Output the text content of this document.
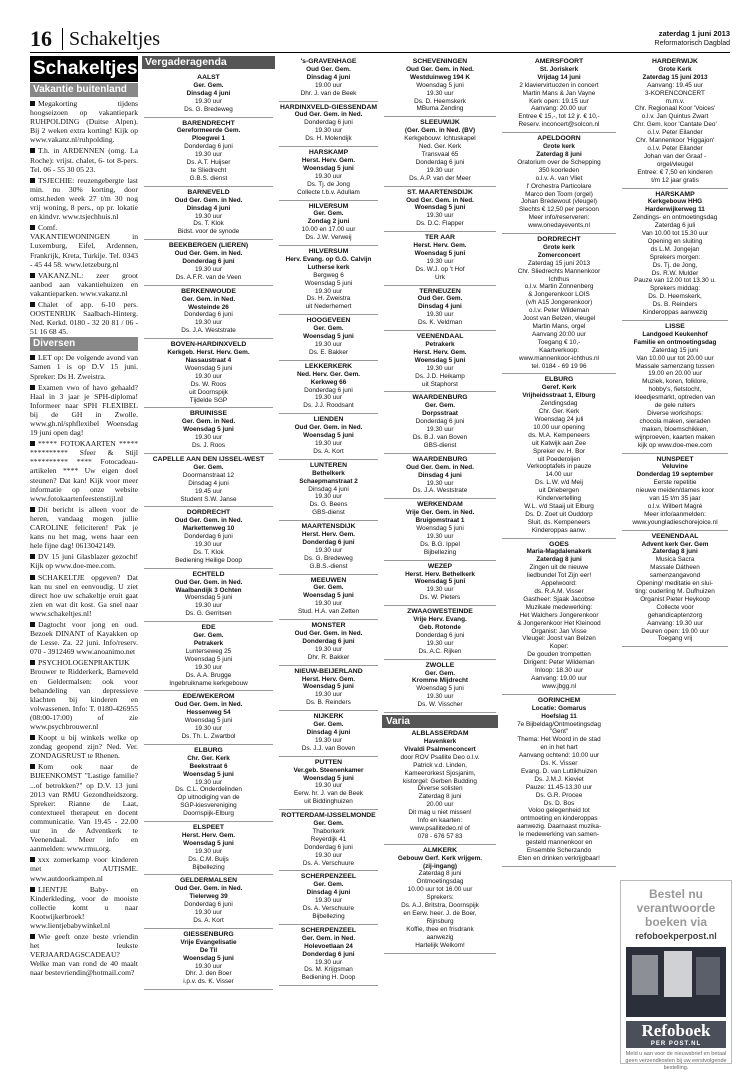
16 Schakeltjes	zaterdag 1 juni 2013
Reformatorisch Dagblad
Schakeltjes
Vakantie buitenland

Megakorting tijdens hoogseizoen op vakantiepark RUHPOLDING (Duitse Alpen). Bij 2 weken extra korting! Kijk op www.vakanz.nl/ruhpolding.

T.h. in ARDENNEN (omg. La Roche): vrijst. chalet, 6- tot 8-pers. Tel. 06 - 55 30 05 23.

TSJECHIE: reuzengebergte last min. nu 30% korting, door omst.heden week 27 t/m 30 nog vrij woning, 8 pers., op pr. lokatie en kindvr. www.tsjechhuis.nl

Comf. VAKANTIEWONINGEN in Luxemburg, Eifel, Ardennen, Frankrijk, Kreta, Turkije. Tel. 0343 - 45 44 58. www.letzeburg.nl

VAKANZ.NL: zeer groot aanbod aan vakantiehuizen en vakantieparken. www.vakanz.nl

Chalet of app. 6-10 pers. OOSTENRIJK Saalbach-Hinterg. Ned. Kerkd. 0180 - 32 20 81 / 06 - 51 16 68 45.

Diversen

LET op: De volgende avond van Samen 1 is op D.V 15 juni. Spreker: Ds H. Zweistra.

Examen vwo of havo gehaald? Haal in 3 jaar je SPH-diploma! Informeer naar SPH FLEXIBEL bij de GH in Zwolle. www.gh.nl/sphflexibel Woensdag 19 juni open dag!

***** FOTOKAARTEN ***** ********** Sfeer & Stijl ********** **** Fotocadeau-artikelen **** Uw eigen doel steunen? Dat kan! Kijk voor meer informatie op onze website www.fotokaartenfeestenstijl.nl

Dit bericht is alleen voor de heren, vandaag mogen jullie CAROLINE feliciteren! Pak je kans nu het mag, wens haar een hele fijne dag! 0613042149.

DV 15 juni Glasblazer gezocht! Kijk op www.doe-mee.com.

SCHAKELTJE opgeven? Dat kan nu snel en eenvoudig. U ziet direct hoe uw schakeltje eruit gaat zien en wat dit kost. Ga snel naar www.schakeltjes.nl!

Dagtocht voor jong en oud. Bezoek DINANT of Kayakken op de Lesse. Za. 22 juni. Info/reserv. 070 - 3912469 www.anoanimo.net

PSYCHOLOGENPRAKTIJK Brouwer te Ridderkerk, Barneveld en Geldermalsen: ook voor behandeling van depressieve klachten bij kinderen en volwassenen. Info: T. 0180-426955 (08:00-17:00) of zie www.psychbrouwer.nl

Koopt u bij winkels welke op zondag geopend zijn? Ned. Ver. ZONDAGSRUST te Rhenen.

Kom ook naar de BIJEENKOMST "Lastige familie? ...of betrokken?" op D.V. 13 juni 2013 van RMU Gezondheidszorg. Spreker: Rianne de Laat, contextueel therapeut en docent communicatie. Van 19.45 - 22.00 uur in de Adventkerk te Veenendaal. Meer info en aanmelden: www.rmu.org.

xxx zomerkamp voor kinderen met AUTISME. www.autdoorkampen.nl

LIENTJE Baby- en Kinderkleding, voor de mooiste collectie komt u naar Kootwijkerbroek! www.lientjebabywinkel.nl

Wie geeft onze beste vriendin het leukste VERJAARDAGSCADEAU? Welke man van rond de 40 maalt naar bestevriendin@hotmail.com?

Vergaderagenda
AALST
Ger. Gem.
Dinsdag 4 juni
19.30 uur
Ds. G. Bredeweg
BARENDRECHT
Gereformeerde Gem.
Ploegwei 1
Donderdag 6 juni
19.30 uur
Ds. A.T. Huijser
te Sliedrecht
G.B.S. dienst
BARNEVELD
Oud Ger. Gem. in Ned.
Dinsdag 4 juni
19.30 uur
Ds. T. Klok
Bidst. voor de synode
BEEKBERGEN (LIEREN)
Oud Ger. Gem. in Ned.
Donderdag 6 juni
19.30 uur
Ds. A.F.R. van de Veen
BERKENWOUDE
Ger. Gem. in Ned.
Westeinde 26
Donderdag 6 juni
19.30 uur
Ds. J.A. Weststrate
BOVEN-HARDINXVELD
Kerkgeb. Herst. Herv. Gem.
Nassaustraat 4
Woensdag 5 juni
19.30 uur
Ds. W. Roos
uit Doornspijk
Tijdelde SGP
BRUINISSE
Ger. Gem. in Ned.
Woensdag 5 juni
19.30 uur
Ds. J. Roos
CAPELLE AAN DEN IJSSEL-WEST
Ger. Gem.
Doormanstraat 12
Dinsdag 4 juni
19.45 uur
Student S.W. Janse
DORDRECHT
Oud Ger. Gem. in Ned.
Markettenweg 10
Donderdag 6 juni
19.30 uur
Ds. T. Klok
Bediening Heilige Doop
ECHTELD
Oud Ger. Gem. in Ned.
Waalbandijk 3 Ochten
Woensdag 5 juni
19.30 uur
Ds. G. Gerritsen
EDE
Ger. Gem.
Petrakerk
Lunterseweg 25
Woensdag 5 juni
19.30 uur
Ds. A.A. Brugge
Ingebruikname kerkgebouw
EDE/WEKEROM
Oud Ger. Gem. in Ned.
Hessenweg 54
Woensdag 5 juni
19.30 uur
Ds. Th. L. Zwartbol
ELBURG
Chr. Ger. Kerk
Beekstraat 6
Woensdag 5 juni
19.30 uur
Ds. C.L. Onderdelinden
Op uitnodiging van de
SGP-kiesvereniging
Doornspijk-Elburg
ELSPEET
Herst. Herv. Gem.
Woensdag 5 juni
19.30 uur
Ds. C.M. Buijs
Bijbellezing
GELDERMALSEN
Oud Ger. Gem. in Ned.
Tielerweg 39
Donderdag 6 juni
19.30 uur
Ds. A. Kort
GIESSENBURG
Vrije Evangelisatie
De Til
Woensdag 5 juni
19.30 uur
Dhr. J. den Boer
i.p.v. ds. K. Visser
's-GRAVENHAGE
Oud Ger. Gem.
Dinsdag 4 juni
19.00 uur
Dhr. J. van de Beek
HARDINXVELD-GIESSENDAM
Oud Ger. Gem. in Ned.
Donderdag 6 juni
19.30 uur
Ds. H. Molendijk
HARSKAMP
Herst. Herv. Gem.
Woensdag 5 juni
19.30 uur
Ds. Tj. de Jong
Collecte t.b.v. Adullam
HILVERSUM
Ger. Gem.
Zondag 2 juni
10.00 en 17.00 uur
Ds. J.W. Verweij
HILVERSUM
Herv. Evang. op G.G. Calvijn
Lutherse kerk
Bergweg 6
Woensdag 5 juni
19.30 uur
Ds. H. Zweistra
uit Nederhemert
HOOGEVEEN
Ger. Gem.
Woensdag 5 juni
19.30 uur
Ds. E. Bakker
LEKKERKERK
Ned. Herv. Ger. Gem.
Kerkweg 66
Donderdag 6 juni
19.30 uur
Ds. J.J. Roodsant
LIENDEN
Oud Ger. Gem. in Ned.
Woensdag 5 juni
19.30 uur
Ds. A. Kort
LUNTEREN
Bethelkerk
Schaepmanstraat 2
Dinsdag 4 juni
19.30 uur
Ds. G. Beens
GBS-dienst
MAARTENSDIJK
Herst. Herv. Gem.
Donderdag 6 juni
19.30 uur
Ds. G. Bredeweg
G.B.S.-dienst
MEEUWEN
Ger. Gem.
Woensdag 5 juni
19.30 uur
Stud. H.A. van Zetten
MONSTER
Oud Ger. Gem. in Ned.
Donderdag 6 juni
19.30 uur
Dhr. R. Bakker
NIEUW-BEIJERLAND
Herst. Herv. Gem.
Woensdag 5 juni
19.30 uur
Ds. B. Reinders
NIJKERK
Ger. Gem.
Dinsdag 4 juni
19.30 uur
Ds. J.J. van Boven
PUTTEN
Ver.geb. Steenenkamer
Woensdag 5 juni
19.30 uur
Eerw. hr. J. van de Beek
uit Biddinghuizen
ROTTERDAM-IJSSELMONDE
Ger. Gem.
Thaborkerk
Reyerdijk 41
Donderdag 6 juni
19.30 uur
Ds. A. Verschuure
SCHERPENZEEL
Ger. Gem.
Dinsdag 4 juni
19.30 uur
Ds. A. Verschuure
Bijbellezing
SCHERPENZEEL
Ger. Gem. in Ned.
Holevoetlaan 24
Donderdag 6 juni
19.30 uur
Ds. M. Krijgsman
Bediening H. Doop
SCHEVENINGEN
Oud Ger. Gem. in Ned.
Westduinweg 194 K
Woensdag 5 juni
19.30 uur
Ds. D. Heemskerk
MBuma Zending
SLEEUWIJK
(Ger. Gem. in Ned. (BV)
Kerkgebouw: Ichtuskapel
Ned. Ger. Kerk
Transvaal 65
Donderdag 6 juni
19.30 uur
Ds. A.P. van der Meer
ST. MAARTENSDIJK
Oud Ger. Gem. in Ned.
Woensdag 5 juni
19.30 uur
Ds. D.C. Flapper
TER AAR
Herst. Herv. Gem.
Woensdag 5 juni
19.30 uur
Ds. W.J. op 't Hof
Urk
TERNEUZEN
Oud Ger. Gem.
Dinsdag 4 juni
19.30 uur
Ds. K. Veldman
VEENENDAAL
Petrakerk
Herst. Herv. Gem.
Woensdag 5 juni
19.30 uur
Ds. J.D. Heikamp
uit Staphorst
WAARDENBURG
Ger. Gem.
Dorpsstraat
Donderdag 6 juni
19.30 uur
Ds. B.J. van Boven
GBS-dienst
WAARDENBURG
Oud Ger. Gem. in Ned.
Dinsdag 4 juni
19.30 uur
Ds. J.A. Weststrate
WERKENDAM
Vrije Ger. Gem. in Ned.
Bruigomstraat 1
Woensdag 5 juni
19.30 uur
Ds. B.G. Ippel
Bijbellezing
WEZEP
Herst. Herv. Bethelkerk
Woensdag 5 juni
19.30 uur
Ds. W. Pieters
ZWAAGWESTEINDE
Vrije Herv. Evang.
Geb. Rotonde
Donderdag 6 juni
19.30 uur
Ds. A.C. Rijken
ZWOLLE
Ger. Gem.
Kromme Mijdrecht
Woensdag 5 juni
19.30 uur
Ds. W. Visscher
Varia
ALBLASSERDAM
Havenkerk
Vivaldi Psalmenconcert
door ROV Psallite Deo o.l.v.
Patrick v.d. Linden,
Kameerorkest Sjosjanim,
kistorgel: Gerben Budding
Diverse solisten
Zaterdag 8 juni
20.00 uur
Dit mag u niet missen!
Info en kaarten:
www.psallitedeo.nl of
078 - 676 57 83
ALMKERK
Gebouw Gerf. Kerk vrijgem.
(zij-ingang)
Zaterdag 8 juni
Ontmoetingsdag
10.00 uur tot 16.00 uur
Sprekers:
Ds. A.J. Britstra, Doornspijk
en Eerw. heer. J. de Boer,
Rijnsburg
Koffie, thee en frisdrank
aanwezig
Hartelijk Welkom!
AMERSFOORT
St. Joriskerk
Vrijdag 14 juni
2 klaviervirtuozen in concert
Martin Mans & Jan Vayne
Kerk open: 19.15 uur
Aanvang: 20.00 uur
Entree € 15,-, tot 12 jr. € 10,-
Reserv. inconcert@solcon.nl
APELDOORN
Grote kerk
Zaterdag 8 juni
Oratorium over de Schepping
350 koorleden
o.l.v. A. van Vliet
l' Orchestra Particolare
Marco den Toom (orgel)
Johan Bredewout (vleugel)
Slechts € 12,50 per persoon
Meer info/reserveren:
www.onedayevents.nl
DORDRECHT
Grote kerk
Zomerconcert
Zaterdag 15 juni 2013
Chr. Sliedrechts Mannenkoor
Ichthus
o.l.v. Martin Zonnenberg
& Jongerenkoor LOIS
(v/h A15 Jongerenkoor)
o.l.v. Peter Wildeman
Joost van Belzen, vleugel
Martin Mans, orgel
Aanvang 20:00 uur
Toegang € 10,-
Kaartverkoop:
www.mannenkoor-ichthus.nl
tel. 0184 - 69 19 96
ELBURG
Geref. Kerk
Vrijheidsstraat 1, Elburg
Zendingsdag
Chr. Ger. Kerk
Woensdag 24 juli
10.00 uur opening
ds. M.A. Kempeneers
uit Katwijk aan Zee
Spreker ev. H. Bor
uit Poederoijen
Verkooptafels in pauze
14.00 uur
Ds. L.W. v/d Meij
uit Driebergen
Kindervertelling
W.L. v/d Staaij uit Elburg
Ds. D. Zoet uit Ouddorp
Sluit. ds. Kempeneers
Kinderoppas aanw.
GOES
Maria-Magdalenakerk
Zaterdag 8 juni
Zingen uit de nieuwe
liedbundel Tot Zijn eer!
Appelwoord:
ds. R.A.M. Visser
Gastheer: Sjaak Jacobse
Muzikale medewerking:
Het Walchers Jongerenkoor
& Jongerenkoor Het Kleinood
Organist: Jan Visse
Vleugel: Joost van Belzen
Koper:
De gouden trompetten
Dirigent: Peter Wildeman
Inloop: 18.30 uur
Aanvang: 19.00 uur
www.jbgg.nl
GORINCHEM
Locatie: Gomarus
Hoefslag 11
7e Bijbeldag/Ontmoetingsdag
"Gent"
Thema: Het Woord in de stad
en in het hart
Aanvang ochtend: 10.00 uur
Ds. K. Visser
Evang. D. van Luttikhuizen
Ds. J.M.J. Kieviet
Pauze: 11.45-13.30 uur
Ds. G.R. Procee
Ds. D. Bos
Voloo gelegenheid tot
ontmoeting en kinderoppas
aanwezig. Daarnaast muzika-
le medewerking van samen-
gesteld mannenkoor en
Ensemble Scherzando
Eten en drinken verkrijgbaar!
HARDERWIJK
Grote Kerk
Zaterdag 15 juni 2013
Aanvang: 19.45 uur
3-KORENCONCERT
m.m.v.
Chr. Regionaal Koor 'Voices'
o.l.v. Jan Quintus Zwart
Chr. Gem. koor 'Cantate Deo'
o.l.v. Peter Eilander
Chr. Mannenkoor 'Higgajon'
o.l.v. Peter Eilander
Johan van der Graaf -
orgel/vleugel
Entree: € 7,50 en kinderen
t/m 12 jaar gratis
HARSKAMP
Kerkgebouw HHG
Harderwijkerweg 11
Zendings- en ontmoetingsdag
Zaterdag 6 juli
Van 10.00 tot 15.30 uur
Opening en sluiting
ds L.M. Jongejan
Sprekers morgen:
Ds. Tj. de Jong,
Ds. R.W. Mulder
Pauze van 12.00 tot 13.30 u.
Sprekers middag:
Ds. D. Heemskerk,
Ds. B. Reinders
Kinderoppas aanwezig
LISSE
Landgoed Keukenhof
Familie en ontmoetingsdag
Zaterdag 15 juni
Van 10.00 uur tot 20.00 uur
Massale samenzang tussen
19.00 en 20.00 uur
Muziek, koren, folklore,
hobby's, fietstocht,
kleedjesmarkt, optreden van
de gele ruiters
Diverse workshops:
chocola maken, sieraden
maken, bloemschikken,
wijnproeven, kaarten maken
kijk op www.doe-mee.com
NUNSPEET
Veluvine
Donderdag 19 september
Eerste repetitie
nieuwe meiden/dames koor
van 15 t/m 35 jaar
o.l.v. Wilbert Magré
Meer info/aanmelden:
www.youngladieschorejoice.nl
VEENENDAAL
Advent kerk Ger. Gem
Zaterdag 8 juni
Musica Sacra
Massale Dátheen
samenzangavond
Opening/ meditatie en slui-
ting: ouderling M. Dufhuizen
Organist Pieter Heykoop
Collecte voor
gehandicaptenzorg
Aanvang: 19.30 uur
Deuren open: 19.00 uur
Toegang vrij
Bestel nu verantwoorde boeken via
refoboekperpost.nl
Refoboek
PER POST.NL
Meld u aan voor de nieuwsbrief en betaal geen verzendkosten bij uw eerstvolgende bestelling.
